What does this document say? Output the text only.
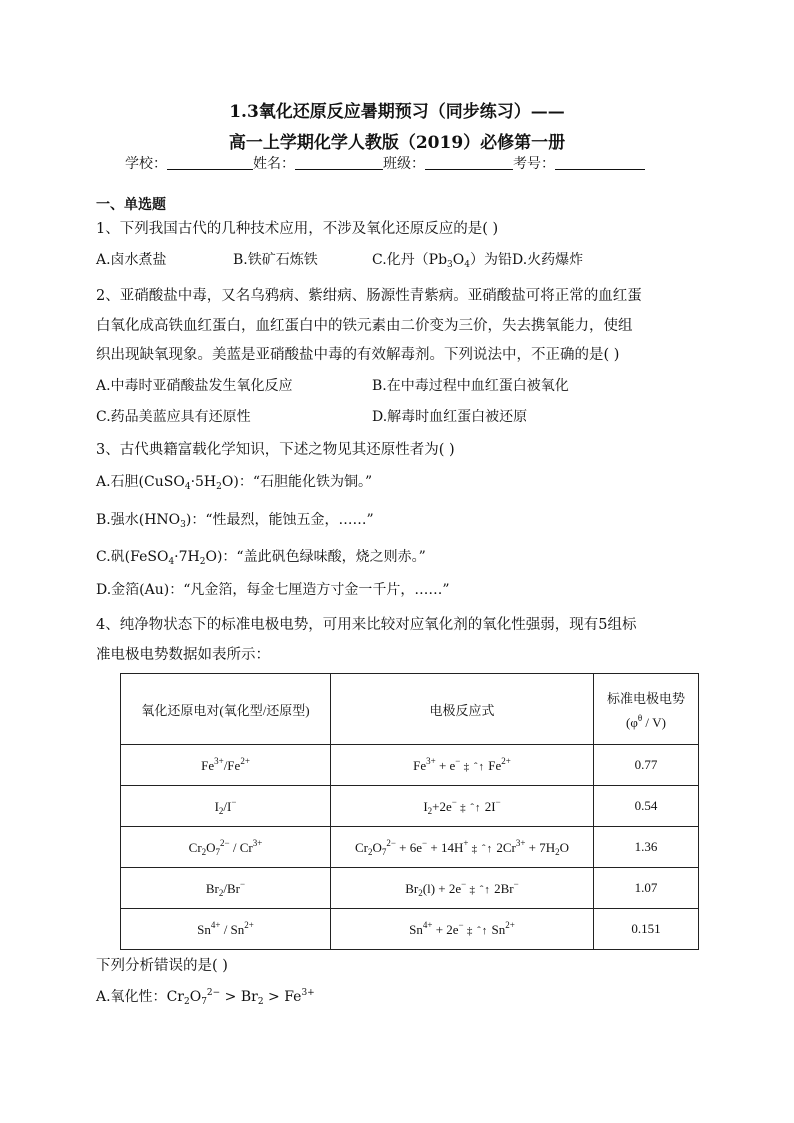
1.3氧化还原反应暑期预习（同步练习）——
高一上学期化学人教版（2019）必修第一册
学校：	姓名：	班级：	考号：
一、单选题
1、下列我国古代的几种技术应用，不涉及氧化还原反应的是( )
A.卤水煮盐	B.铁矿石炼铁	C.化丹$(Pb_3O_4)$为铅D.火药爆炸
2、亚硝酸盐中毒，又名乌鸦病、紫绀病、肠源性青紫病。亚硝酸盐可将正常的血红蛋
白氧化成高铁血红蛋白，血红蛋白中的铁元素由二价变为三价，失去携氧能力，使组
织出现缺氧现象。美蓝是亚硝酸盐中毒的有效解毒剂。下列说法中，不正确的是( )
A.中毒时亚硝酸盐发生氧化反应	B.在中毒过程中血红蛋白被氧化
C.药品美蓝应具有还原性	D.解毒时血红蛋白被还原
3、古代典籍富载化学知识，下述之物见其还原性者为( )
A.石胆$(CuSO_4\cdot 5H_2O)$：“石胆能化铁为铜。”
B.强水$(HNO_3)$：“性最烈，能蚀五金，……”
C.矾$(FeSO_4\cdot 7H_2O)$：“盖此矾色绿味酸，烧之则赤。”
D.金箔(Au)：“凡金箔，每金七厘造方寸金一千片，……”
4、纯净物状态下的标准电极电势，可用来比较对应氧化剂的氧化性强弱，现有5组标
准电极电势数据如表所示：
氧化还原电对(氧化型/还原型)	电极反应式	标准电极电势
$(\varphi^\theta / V)$

$Fe^{3+}/Fe^{2+}$	$Fe^{3+} + e^-$ ‡ ˆ↑ $Fe^{2+}$	0.77
$I_2/I^-$	$I_2+2e^-$ ‡ ˆ↑ 2I−	0.54
$Cr_2O_7^{2-} / Cr^{3+}$	$Cr_2O_7^{2-} + 6e^- + 14H^+$ ‡ ˆ↑ $2Cr^{3+} + 7H_2O$	1.36
$Br_2/Br^-$	$Br_2(l) + 2e^-$ ‡ ˆ↑ 2Br−	1.07
$Sn^{4+} / Sn^{2+}$	$Sn^{4+} + 2e^-$ ‡ ˆ↑ $Sn^{2+}$	0.151
下列分析错误的是( )
A.氧化性：$Cr_2O_7^{2-} > Br_2 > Fe^{3+}$
